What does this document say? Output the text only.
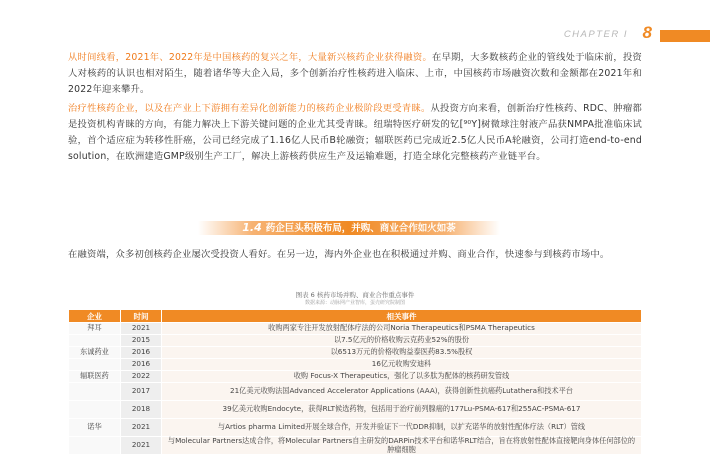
CHAPTER I 8

从时间线看，2021年、2022年是中国核药的复兴之年，大量新兴核药企业获得融资。在早期，大多数核药企业的管线处于临床前，投资人对核药的认识也相对陌生，随着诸华等大企入局，多个创新治疗性核药进入临床、上市，中国核药市场融资次数和金额都在2021年和2022年迎来攀升。

治疗性核药企业，以及在产业上下游拥有差异化创新能力的核药企业极阶段更受青睐。从投资方向来看，创新治疗性核药、RDC、肿瘤都是投资机构青睐的方向，有能力解决上下游关键问题的企业尤其受青睐。纽瑞特医疗研发的钇[⁹⁰Y]树微球注射液产品获NMPA批准临床试验，首个适应症为转移性肝癌，公司已经完成了1.16亿人民币B轮融资；辐联医药已完成近2.5亿人民币A轮融资，公司打造end-to-end solution，在欧洲建造GMP级别生产工厂，解决上游核药供应生产及运输难题，打造全球化完整核药产业链平台。

1.4 药企巨头积极布局，并购、商业合作如火如荼

在融资端，众多初创核药企业屡次受投资人看好。在另一边，海内外企业也在积极通过并购、商业合作，快速参与到核药市场中。

图表 6 核药市场并购、商业合作重点事件
数据来源：动脉网产业智库，蛋壳研究院制图
企业	时间	相关事件
拜耳	2021	收购两家专注开发放射配体疗法的公司Noria Therapeutics和PSMA Therapeutics
	2015	以7.5亿元的价格收购云克药业52%的股份
东诚药业	2016	以6513万元的价格收购益泰医药83.5%股权
	2016	16亿元收购安迪科
辐联医药	2022	收购 Focus-X Therapeutics，强化了以多肽为配体的核药研发管线
	2017	21亿美元收购法国Advanced Accelerator Applications (AAA)，获得创新性抗癌药Lutathera和技术平台
	2018	39亿美元收购Endocyte，获得RLT候选药物，包括用于治疗前列腺癌的177Lu-PSMA-617和255AC-PSMA-617
诺华	2021	与Artios pharma Limited开展全球合作，开发并验证下一代DDR抑制，以扩充诺华的放射性配体疗法（RLT）管线
	2021	与Molecular Partners达成合作，将Molecular Partners自主研发的DARPin技术平台和诺华RLT结合，旨在将放射性配体直接靶向身体任何部位的肿瘤细胞
